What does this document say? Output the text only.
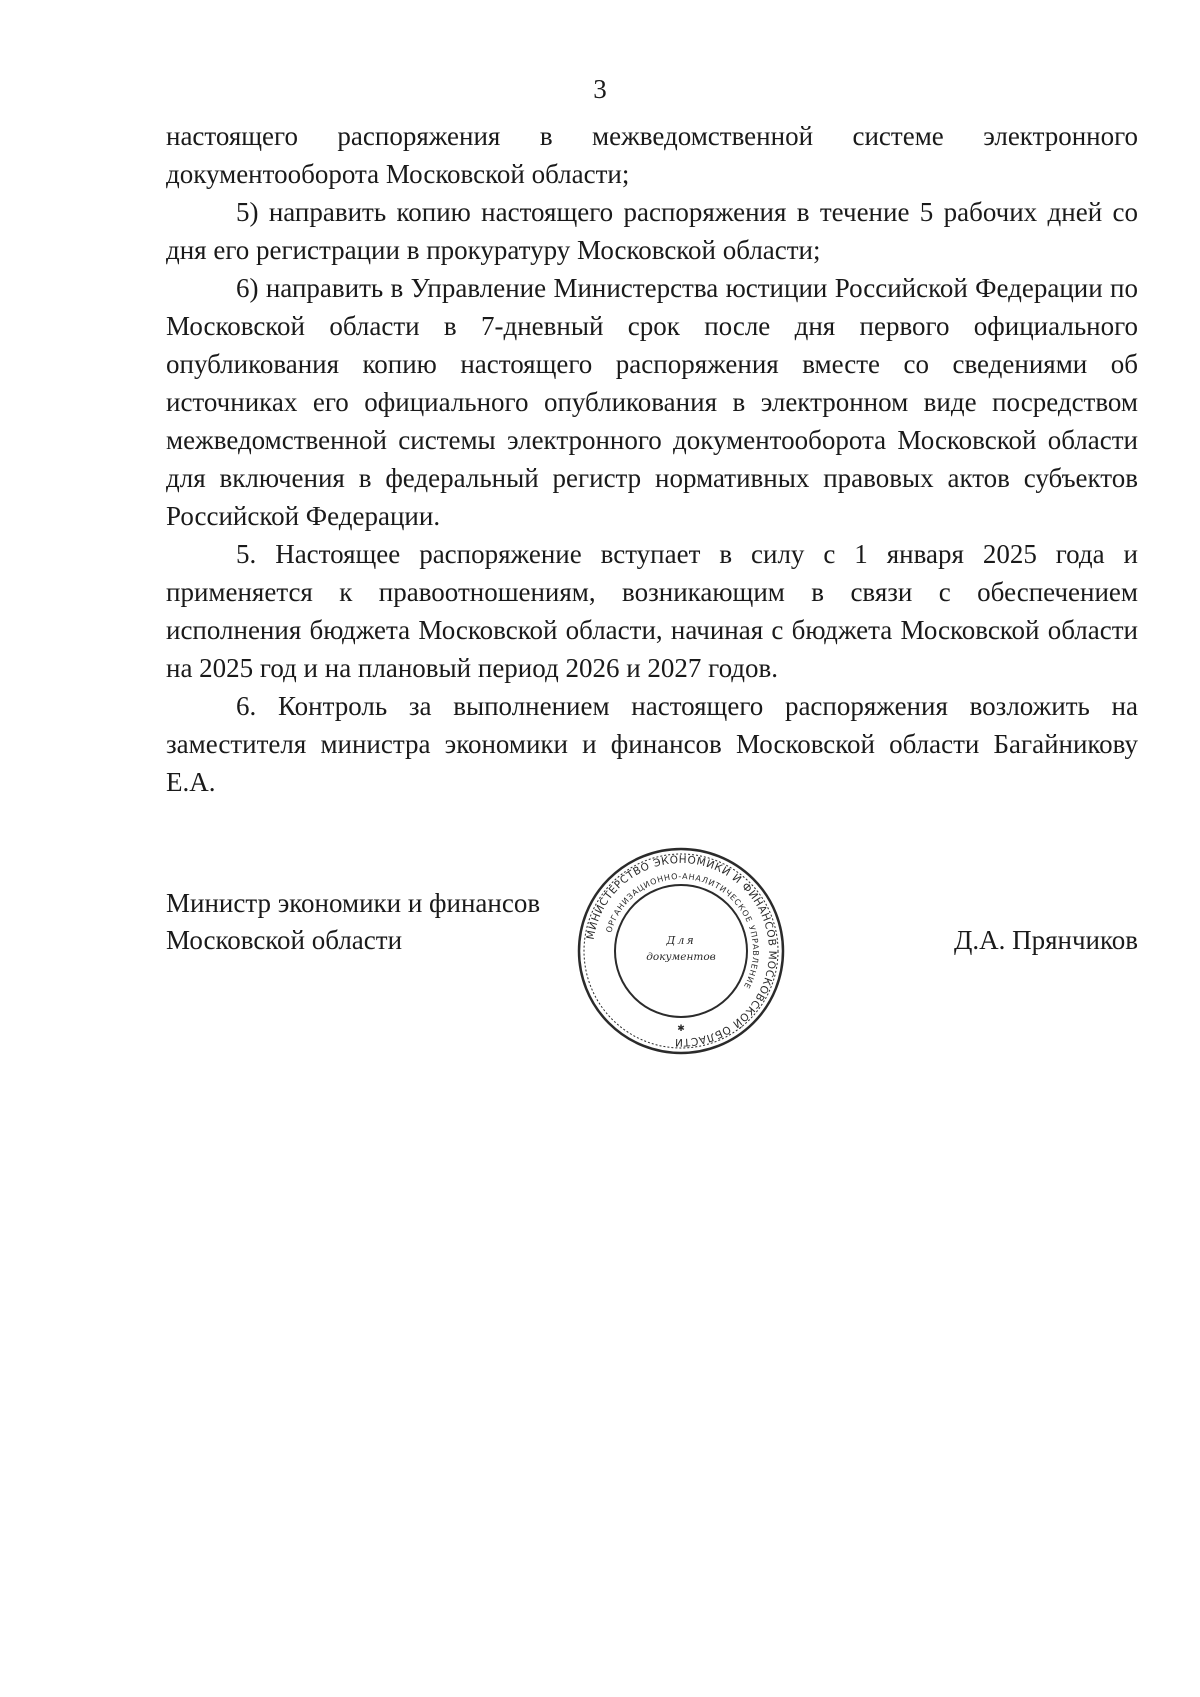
3

настоящего распоряжения в межведомственной системе электронного документооборота Московской области;

5) направить копию настоящего распоряжения в течение 5 рабочих дней со дня его регистрации в прокуратуру Московской области;

6) направить в Управление Министерства юстиции Российской Федерации по Московской области в 7-дневный срок после дня первого официального опубликования копию настоящего распоряжения вместе со сведениями об источниках его официального опубликования в электронном виде посредством межведомственной системы электронного документооборота Московской области для включения в федеральный регистр нормативных правовых актов субъектов Российской Федерации.

5. Настоящее распоряжение вступает в силу с 1 января 2025 года и применяется к правоотношениям, возникающим в связи с обеспечением исполнения бюджета Московской области, начиная с бюджета Московской области на 2025 год и на плановый период 2026 и 2027 годов.

6. Контроль за выполнением настоящего распоряжения возложить на заместителя министра экономики и финансов Московской области Багайникову Е.А.

Министр экономики и финансов
Московской области	Д.А. Прянчиков
МИНИСТЕРСТВО ЭКОНОМИКИ И ФИНАНСОВ МОСКОВСКОЙ ОБЛАСТИ
ОРГАНИЗАЦИОННО-АНАЛИТИЧЕСКОЕ УПРАВЛЕНИЕ
Для
документов
✱
